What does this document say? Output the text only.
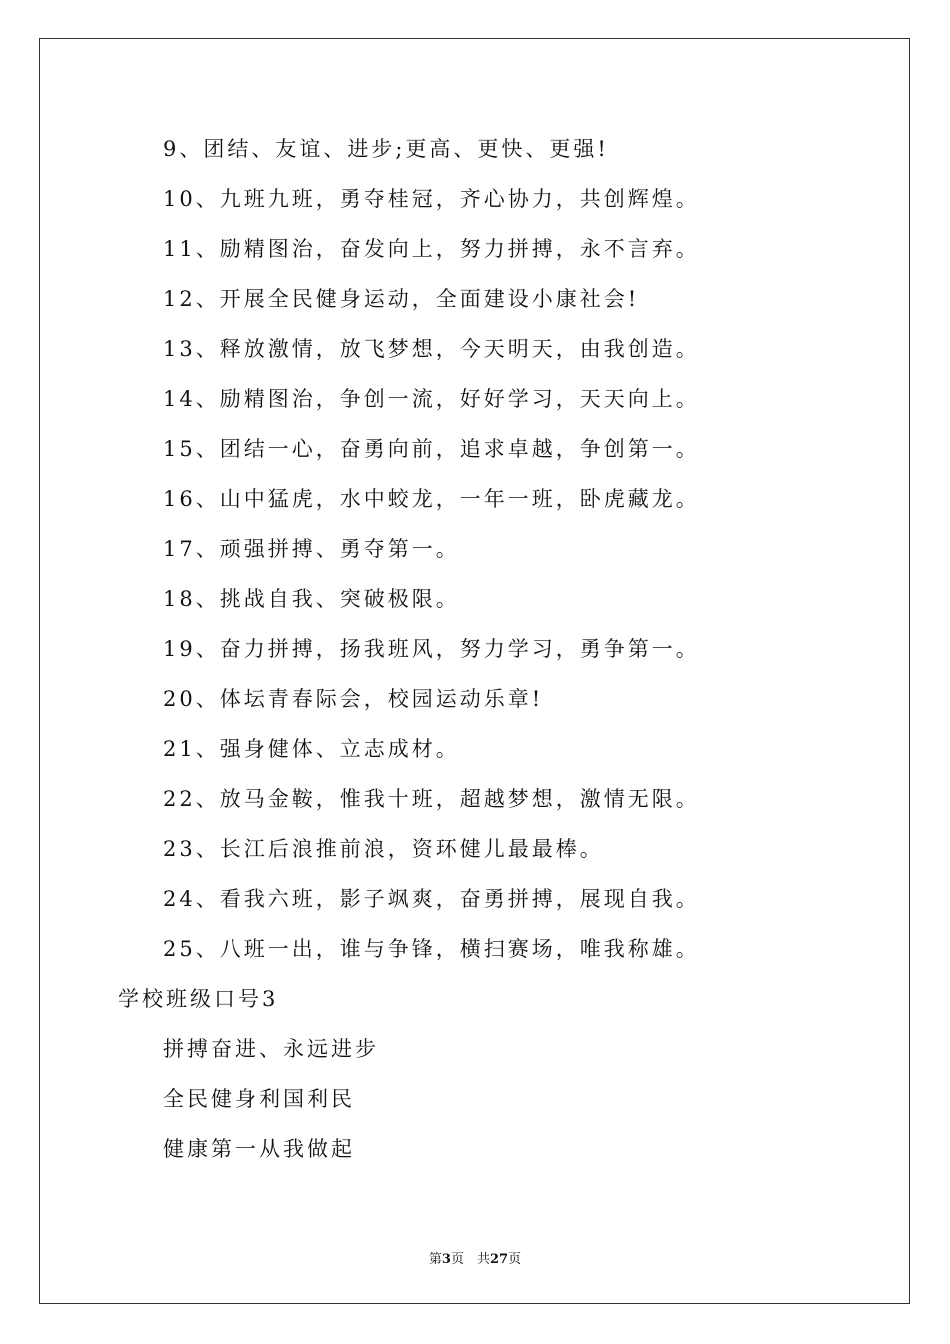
9、团结、友谊、进步;更高、更快、更强!
10、九班九班，勇夺桂冠，齐心协力，共创辉煌。
11、励精图治，奋发向上，努力拼搏，永不言弃。
12、开展全民健身运动，全面建设小康社会!
13、释放激情，放飞梦想，今天明天，由我创造。
14、励精图治，争创一流，好好学习，天天向上。
15、团结一心，奋勇向前，追求卓越，争创第一。
16、山中猛虎，水中蛟龙，一年一班，卧虎藏龙。
17、顽强拼搏、勇夺第一。
18、挑战自我、突破极限。
19、奋力拼搏，扬我班风，努力学习，勇争第一。
20、体坛青春际会，校园运动乐章!
21、强身健体、立志成材。
22、放马金鞍，惟我十班，超越梦想，激情无限。
23、长江后浪推前浪，资环健儿最最棒。
24、看我六班，影子飒爽，奋勇拼搏，展现自我。
25、八班一出，谁与争锋，横扫赛场，唯我称雄。
学校班级口号3
拼搏奋进、永远进步
全民健身利国利民
健康第一从我做起
第3页　共27页
